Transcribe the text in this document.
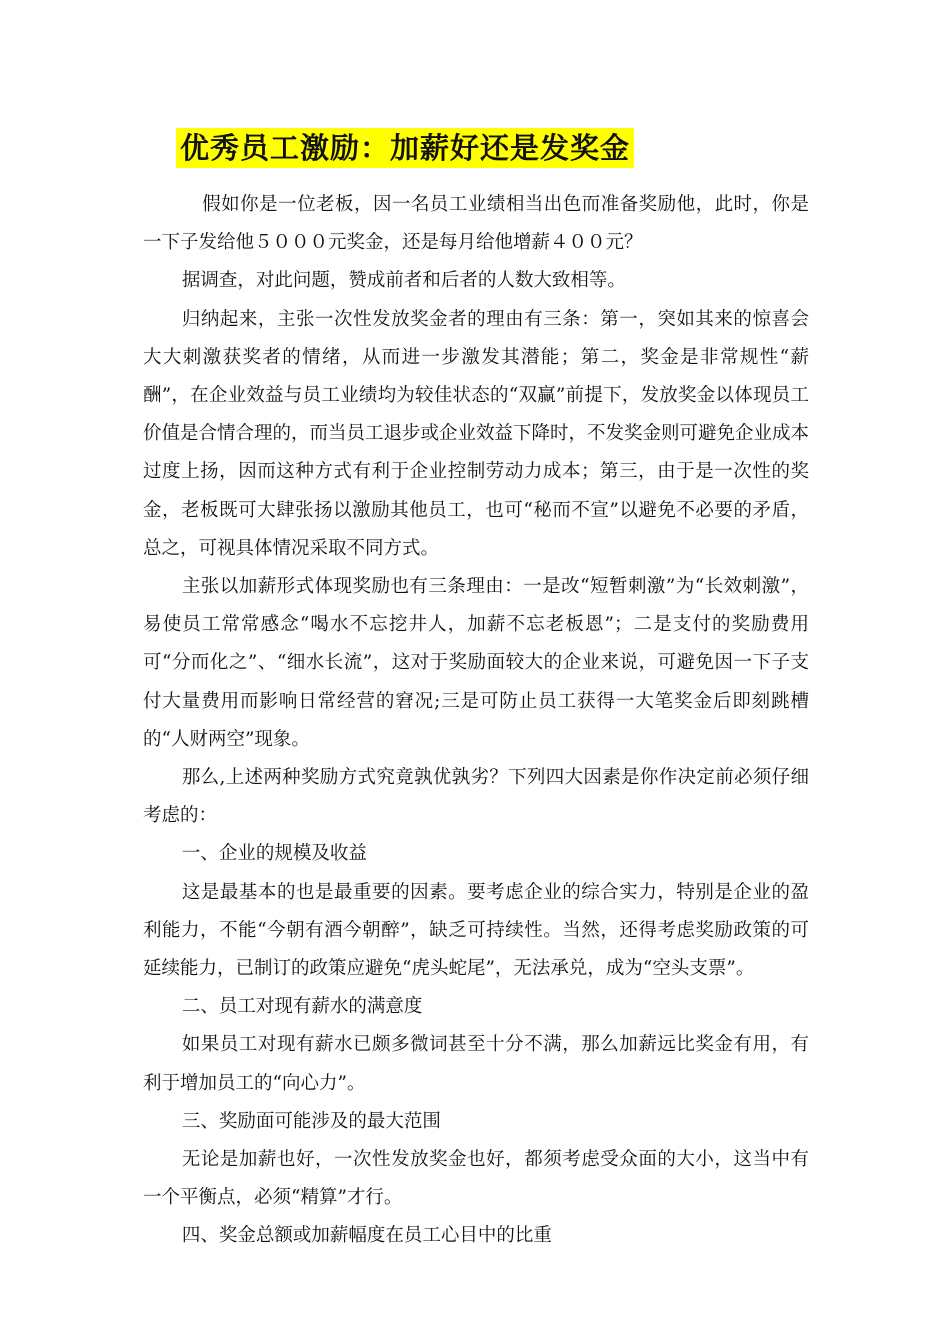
优秀员工激励：加薪好还是发奖金

假如你是一位老板，因一名员工业绩相当出色而准备奖励他，此时，你是一下子发给他５０００元奖金，还是每月给他增薪４００元？

据调查，对此问题，赞成前者和后者的人数大致相等。

归纳起来，主张一次性发放奖金者的理由有三条：第一，突如其来的惊喜会大大刺激获奖者的情绪，从而进一步激发其潜能；第二，奖金是非常规性“薪酬”，在企业效益与员工业绩均为较佳状态的“双赢”前提下，发放奖金以体现员工价值是合情合理的，而当员工退步或企业效益下降时，不发奖金则可避免企业成本过度上扬，因而这种方式有利于企业控制劳动力成本；第三，由于是一次性的奖金，老板既可大肆张扬以激励其他员工，也可“秘而不宣”以避免不必要的矛盾，总之，可视具体情况采取不同方式。

主张以加薪形式体现奖励也有三条理由：一是改“短暂刺激”为“长效刺激”，易使员工常常感念“喝水不忘挖井人，加薪不忘老板恩”；二是支付的奖励费用可“分而化之”、“细水长流”，这对于奖励面较大的企业来说，可避免因一下子支付大量费用而影响日常经营的窘况;三是可防止员工获得一大笔奖金后即刻跳槽的“人财两空”现象。

那么,上述两种奖励方式究竟孰优孰劣？下列四大因素是你作决定前必须仔细考虑的：

一、企业的规模及收益

这是最基本的也是最重要的因素。要考虑企业的综合实力，特别是企业的盈利能力，不能“今朝有酒今朝醉”，缺乏可持续性。当然，还得考虑奖励政策的可延续能力，已制订的政策应避免“虎头蛇尾”，无法承兑，成为“空头支票”。

二、员工对现有薪水的满意度

如果员工对现有薪水已颇多微词甚至十分不满，那么加薪远比奖金有用，有利于增加员工的“向心力”。

三、奖励面可能涉及的最大范围

无论是加薪也好，一次性发放奖金也好，都须考虑受众面的大小，这当中有一个平衡点，必须“精算”才行。

四、奖金总额或加薪幅度在员工心目中的比重
